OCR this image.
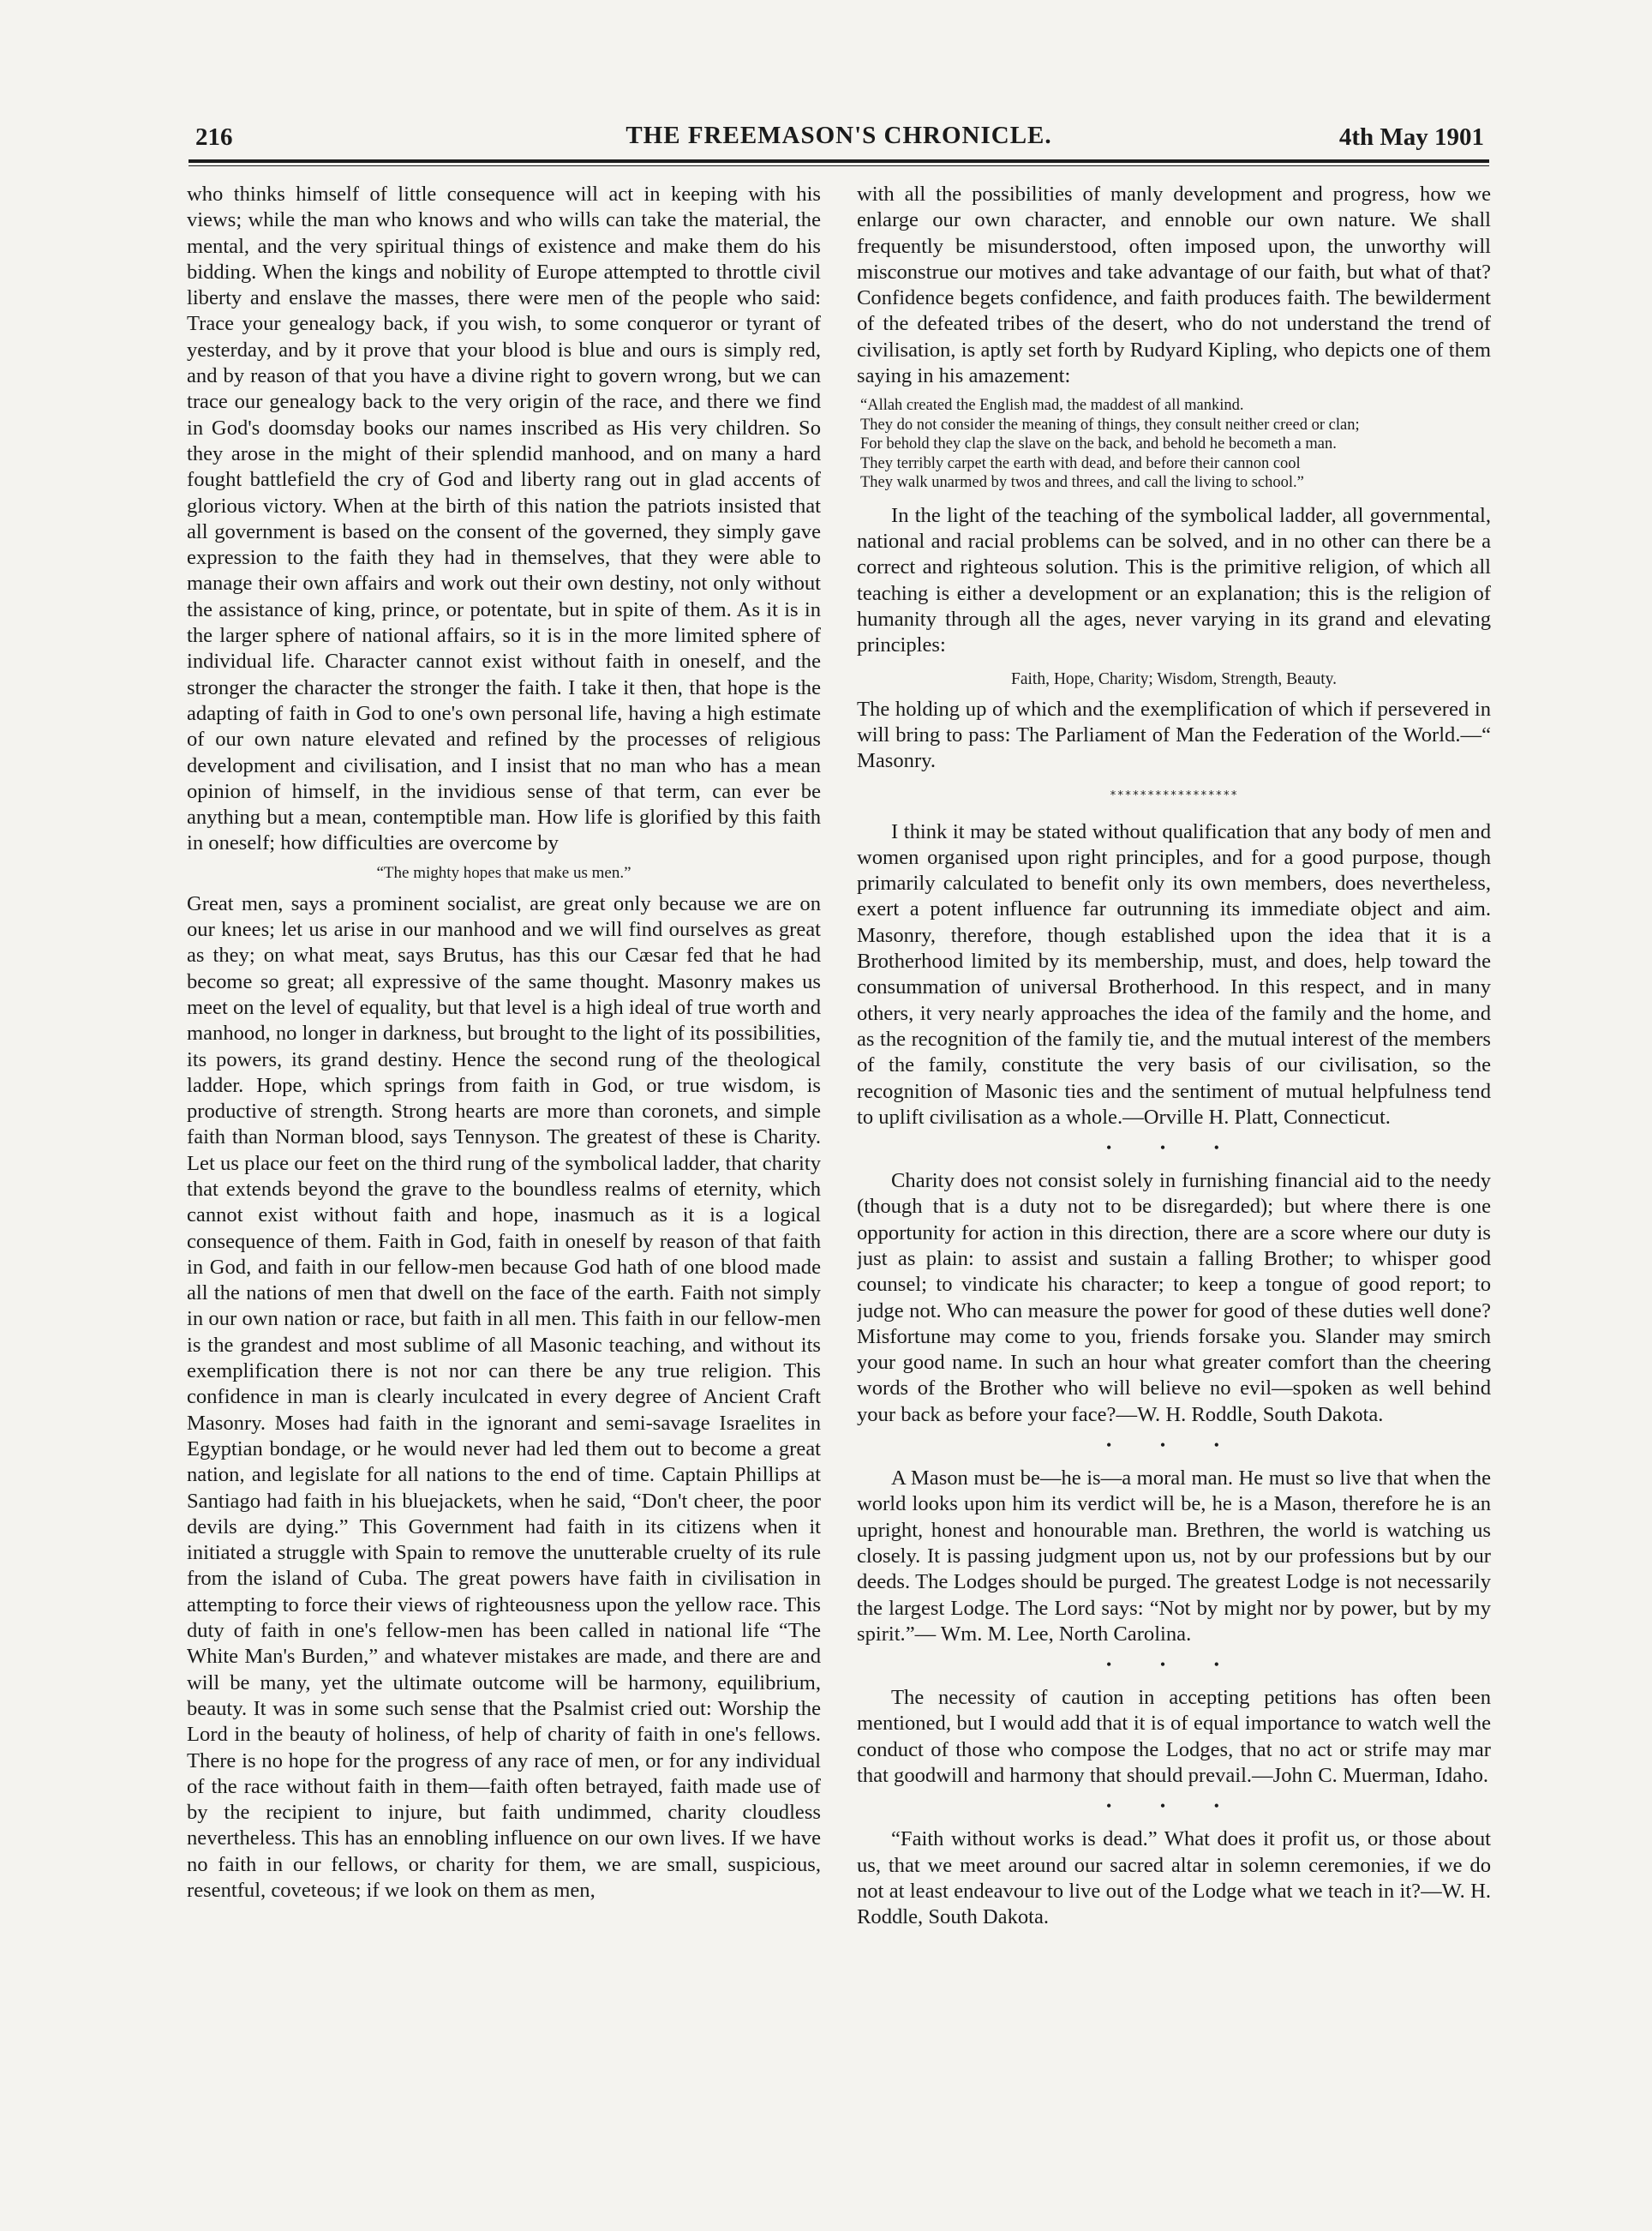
216	THE FREEMASON'S CHRONICLE.	4th May 1901

who thinks himself of little consequence will act in keeping with his views; while the man who knows and who wills can take the material, the mental, and the very spiritual things of existence and make them do his bidding. When the kings and nobility of Europe attempted to throttle civil liberty and enslave the masses, there were men of the people who said: Trace your genealogy back, if you wish, to some conqueror or tyrant of yesterday, and by it prove that your blood is blue and ours is simply red, and by reason of that you have a divine right to govern wrong, but we can trace our genealogy back to the very origin of the race, and there we find in God's doomsday books our names inscribed as His very children. So they arose in the might of their splendid manhood, and on many a hard fought battlefield the cry of God and liberty rang out in glad accents of glorious victory. When at the birth of this nation the patriots insisted that all government is based on the consent of the governed, they simply gave expression to the faith they had in themselves, that they were able to manage their own affairs and work out their own destiny, not only without the assistance of king, prince, or potentate, but in spite of them. As it is in the larger sphere of national affairs, so it is in the more limited sphere of individual life. Character cannot exist without faith in oneself, and the stronger the character the stronger the faith. I take it then, that hope is the adapting of faith in God to one's own personal life, having a high estimate of our own nature elevated and refined by the processes of religious development and civilisation, and I insist that no man who has a mean opinion of himself, in the invidious sense of that term, can ever be anything but a mean, contemptible man. How life is glorified by this faith in oneself; how difficulties are overcome by

“The mighty hopes that make us men.”

Great men, says a prominent socialist, are great only because we are on our knees; let us arise in our manhood and we will find ourselves as great as they; on what meat, says Brutus, has this our Cæsar fed that he had become so great; all expressive of the same thought. Masonry makes us meet on the level of equality, but that level is a high ideal of true worth and manhood, no longer in darkness, but brought to the light of its possibilities, its powers, its grand destiny. Hence the second rung of the theological ladder. Hope, which springs from faith in God, or true wisdom, is productive of strength. Strong hearts are more than coronets, and simple faith than Norman blood, says Tennyson. The greatest of these is Charity. Let us place our feet on the third rung of the symbolical ladder, that charity that extends beyond the grave to the boundless realms of eternity, which cannot exist without faith and hope, inasmuch as it is a logical consequence of them. Faith in God, faith in oneself by reason of that faith in God, and faith in our fellow-men because God hath of one blood made all the nations of men that dwell on the face of the earth. Faith not simply in our own nation or race, but faith in all men. This faith in our fellow-men is the grandest and most sublime of all Masonic teaching, and without its exemplification there is not nor can there be any true religion. This confidence in man is clearly inculcated in every degree of Ancient Craft Masonry. Moses had faith in the ignorant and semi-savage Israelites in Egyptian bondage, or he would never had led them out to become a great nation, and legislate for all nations to the end of time. Captain Phillips at Santiago had faith in his bluejackets, when he said, “Don't cheer, the poor devils are dying.” This Government had faith in its citizens when it initiated a struggle with Spain to remove the unutterable cruelty of its rule from the island of Cuba. The great powers have faith in civilisation in attempting to force their views of righteousness upon the yellow race. This duty of faith in one's fellow-men has been called in national life “The White Man's Burden,” and whatever mistakes are made, and there are and will be many, yet the ultimate outcome will be harmony, equilibrium, beauty. It was in some such sense that the Psalmist cried out: Worship the Lord in the beauty of holiness, of help of charity of faith in one's fellows. There is no hope for the progress of any race of men, or for any individual of the race without faith in them—faith often betrayed, faith made use of by the recipient to injure, but faith undimmed, charity cloudless nevertheless. This has an ennobling influence on our own lives. If we have no faith in our fellows, or charity for them, we are small, suspicious, resentful, coveteous; if we look on them as men,

with all the possibilities of manly development and progress, how we enlarge our own character, and ennoble our own nature. We shall frequently be misunderstood, often imposed upon, the unworthy will misconstrue our motives and take advantage of our faith, but what of that? Confidence begets confidence, and faith produces faith. The bewilderment of the defeated tribes of the desert, who do not understand the trend of civilisation, is aptly set forth by Rudyard Kipling, who depicts one of them saying in his amazement:

“Allah created the English mad, the maddest of all mankind.
They do not consider the meaning of things, they consult neither creed or clan;
For behold they clap the slave on the back, and behold he becometh a man.
They terribly carpet the earth with dead, and before their cannon cool
They walk unarmed by twos and threes, and call the living to school.”

In the light of the teaching of the symbolical ladder, all governmental, national and racial problems can be solved, and in no other can there be a correct and righteous solution. This is the primitive religion, of which all teaching is either a development or an explanation; this is the religion of humanity through all the ages, never varying in its grand and elevating principles:

Faith, Hope, Charity; Wisdom, Strength, Beauty.

The holding up of which and the exemplification of which if persevered in will bring to pass: The Parliament of Man the Federation of the World.—“ Masonry.

*****************

I think it may be stated without qualification that any body of men and women organised upon right principles, and for a good purpose, though primarily calculated to benefit only its own members, does nevertheless, exert a potent influence far outrunning its immediate object and aim. Masonry, therefore, though established upon the idea that it is a Brotherhood limited by its membership, must, and does, help toward the consummation of universal Brotherhood. In this respect, and in many others, it very nearly approaches the idea of the family and the home, and as the recognition of the family tie, and the mutual interest of the members of the family, constitute the very basis of our civilisation, so the recognition of Masonic ties and the sentiment of mutual helpfulness tend to uplift civilisation as a whole.—Orville H. Platt, Connecticut.

• • •

Charity does not consist solely in furnishing financial aid to the needy (though that is a duty not to be disregarded); but where there is one opportunity for action in this direction, there are a score where our duty is just as plain: to assist and sustain a falling Brother; to whisper good counsel; to vindicate his character; to keep a tongue of good report; to judge not. Who can measure the power for good of these duties well done? Misfortune may come to you, friends forsake you. Slander may smirch your good name. In such an hour what greater comfort than the cheering words of the Brother who will believe no evil—spoken as well behind your back as before your face?—W. H. Roddle, South Dakota.

• • •

A Mason must be—he is—a moral man. He must so live that when the world looks upon him its verdict will be, he is a Mason, therefore he is an upright, honest and honourable man. Brethren, the world is watching us closely. It is passing judgment upon us, not by our professions but by our deeds. The Lodges should be purged. The greatest Lodge is not necessarily the largest Lodge. The Lord says: “Not by might nor by power, but by my spirit.”— Wm. M. Lee, North Carolina.

• • •

The necessity of caution in accepting petitions has often been mentioned, but I would add that it is of equal importance to watch well the conduct of those who compose the Lodges, that no act or strife may mar that goodwill and harmony that should prevail.—John C. Muerman, Idaho.

• • •

“Faith without works is dead.” What does it profit us, or those about us, that we meet around our sacred altar in solemn ceremonies, if we do not at least endeavour to live out of the Lodge what we teach in it?—W. H. Roddle, South Dakota.
